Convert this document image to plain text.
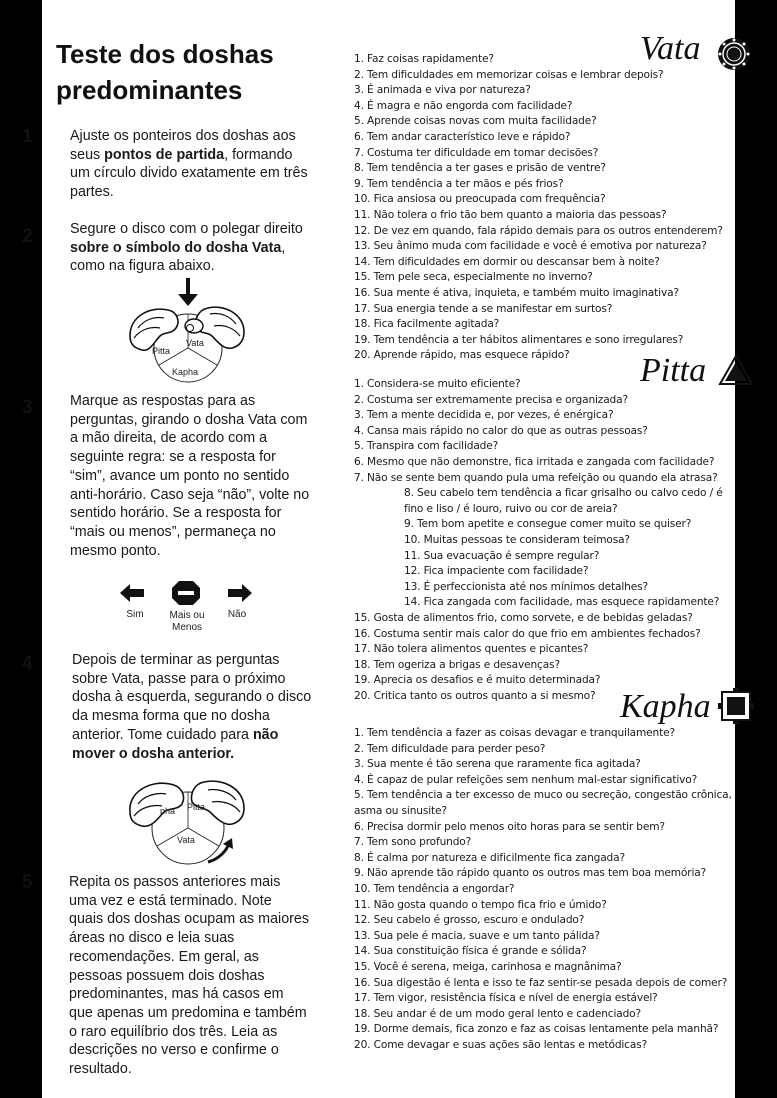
Teste dos doshas predominantes
1	Ajuste os ponteiros dos doshas aos seus pontos de partida, formando um círculo divido exatamente em três partes.
2	Segure o disco com o polegar direito sobre o símbolo do dosha Vata, como na figura abaixo.
Vata
Pitta
Kapha
3	Marque as respostas para as perguntas, girando o dosha Vata com a mão direita, de acordo com a seguinte regra: se a resposta for “sim”, avance um ponto no sentido anti-horário. Caso seja “não”, volte no sentido horário. Se a resposta for “mais ou menos”, permaneça no mesmo ponto.
Sim	Mais ou Menos
Não
4	Depois de terminar as perguntas sobre Vata, passe para o próximo dosha à esquerda, segurando o disco da mesma forma que no dosha anterior. Tome cuidado para não mover o dosha anterior.
Pitta
pha
Vata
5	Repita os passos anteriores mais uma vez e está terminado. Note quais dos doshas ocupam as maiores áreas no disco e leia suas recomendações. Em geral, as pessoas possuem dois doshas predominantes, mas há casos em que apenas um predomina e também o raro equilíbrio dos três. Leia as descrições no verso e confirme o resultado.
Vata
Pitta
Kapha
1. Faz coisas rapidamente?
2. Tem dificuldades em memorizar coisas e lembrar depois?
3. É animada e viva por natureza?
4. É magra e não engorda com facilidade?
5. Aprende coisas novas com muita facilidade?
6. Tem andar característico leve e rápido?
7. Costuma ter dificuldade em tomar decisões?
8. Tem tendência a ter gases e prisão de ventre?
9. Tem tendência a ter mãos e pés frios?
10. Fica ansiosa ou preocupada com frequência?
11. Não tolera o frio tão bem quanto a maioria das pessoas?
12. De vez em quando, fala rápido demais para os outros entenderem?
13. Seu ânimo muda com facilidade e você é emotiva por natureza?
14. Tem dificuldades em dormir ou descansar bem à noite?
15. Tem pele seca, especialmente no inverno?
16. Sua mente é ativa, inquieta, e também muito imaginativa?
17. Sua energia tende a se manifestar em surtos?
18. Fica facilmente agitada?
19. Tem tendência a ter hábitos alimentares e sono irregulares?
20. Aprende rápido, mas esquece rápido?
1. Considera-se muito eficiente?
2. Costuma ser extremamente precisa e organizada?
3. Tem a mente decidida e, por vezes, é enérgica?
4. Cansa mais rápido no calor do que as outras pessoas?
5. Transpira com facilidade?
6. Mesmo que não demonstre, fica irritada e zangada com facilidade?
7. Não se sente bem quando pula uma refeição ou quando ela atrasa?
8. Seu cabelo tem tendência a ficar grisalho ou calvo cedo / é fino e liso / é louro, ruivo ou cor de areia?
9. Tem bom apetite e consegue comer muito se quiser?
10. Muitas pessoas te consideram teimosa?
11. Sua evacuação é sempre regular?
12. Fica impaciente com facilidade?
13. É perfeccionista até nos mínimos detalhes?
14. Fica zangada com facilidade, mas esquece rapidamente?
15. Gosta de alimentos frio, como sorvete, e de bebidas geladas?
16. Costuma sentir mais calor do que frio em ambientes fechados?
17. Não tolera alimentos quentes e picantes?
18. Tem ogeriza a brigas e desavenças?
19. Aprecia os desafios e é muito determinada?
20. Critica tanto os outros quanto a si mesmo?
1. Tem tendência a fazer as coisas devagar e tranquilamente?
2. Tem dificuldade para perder peso?
3. Sua mente é tão serena que raramente fica agitada?
4. É capaz de pular refeições sem nenhum mal-estar significativo?
5. Tem tendência a ter excesso de muco ou secreção, congestão crônica, asma ou sinusite?
6. Precisa dormir pelo menos oito horas para se sentir bem?
7. Tem sono profundo?
8. É calma por natureza e dificilmente fica zangada?
9. Não aprende tão rápido quanto os outros mas tem boa memória?
10. Tem tendência a engordar?
11. Não gosta quando o tempo fica frio e úmido?
12. Seu cabelo é grosso, escuro e ondulado?
13. Sua pele é macia, suave e um tanto pálida?
14. Sua constituição física é grande e sólida?
15. Você é serena, meiga, carinhosa e magnânima?
16. Sua digestão é lenta e isso te faz sentir-se pesada depois de comer?
17. Tem vigor, resistência física e nível de energia estável?
18. Seu andar é de um modo geral lento e cadenciado?
19. Dorme demais, fica zonzo e faz as coisas lentamente pela manhã?
20. Come devagar e suas ações são lentas e metódicas?
